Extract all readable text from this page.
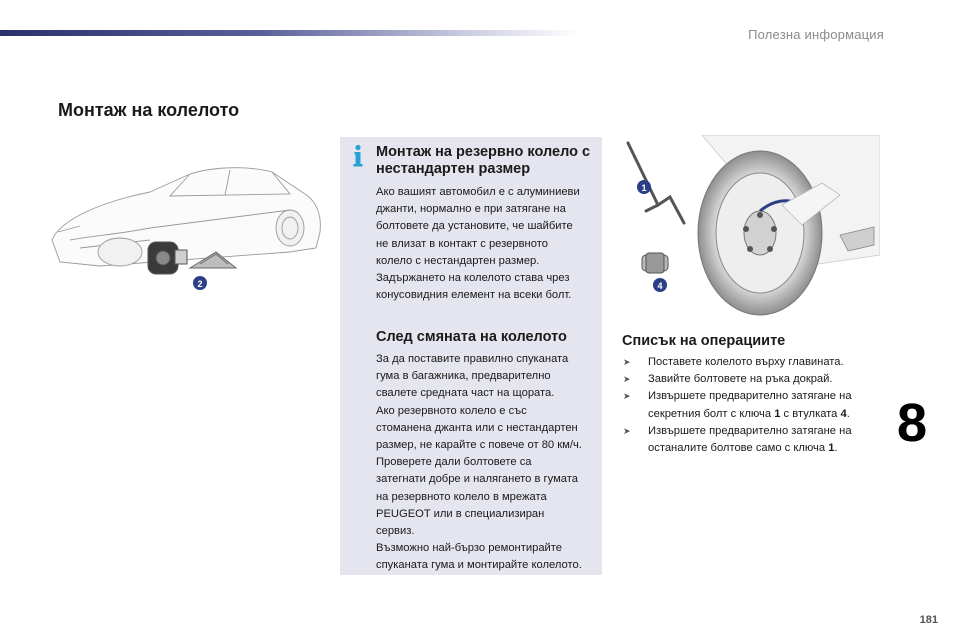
Полезна информация
Монтаж на колелото
2
Монтаж на резервно колело с нестандартен размер
Ако вашият автомобил е с алуминиеви
джанти, нормално е при затягане на
болтовете да установите, че шайбите
не влизат в контакт с резервното
колело с нестандартен размер.
Задържането на колелото става чрез
конусовидния елемент на всеки болт.
След смяната на колелото
За да поставите правилно спуканата
гума в багажника, предварително
свалете средната част на щората.
Ако резервното колело е със
стоманена джанта или с нестандартен
размер, не карайте с повече от 80 км/ч.
Проверете дали болтовете са
затегнати добре и налягането в гумата
на резервното колело в мрежата
PEUGEOT или в специализиран
сервиз.
Възможно най-бързо ремонтирайте
спуканата гума и монтирайте колелото.
1
4
Списък на операциите
➤ Поставете колелото върху главината.
➤ Завийте болтовете на ръка докрай.
➤ Извършете предварително затягане на
секретния болт с ключа 1 с втулката 4.
➤ Извършете предварително затягане на
останалите болтове само с ключа 1.	8
181
